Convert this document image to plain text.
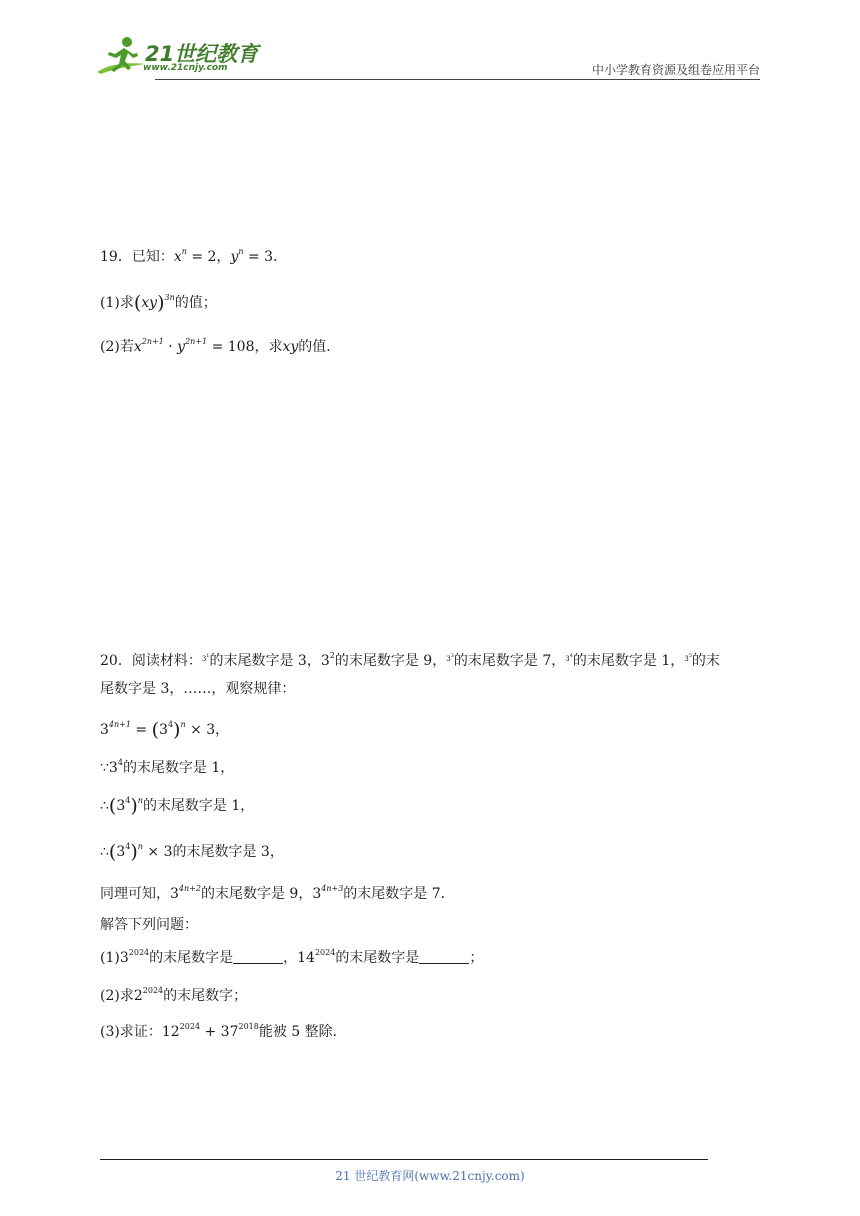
21世纪教育
www.21cnjy.com	中小学教育资源及组卷应用平台
19．已知：$x^n = 2$，$y^n = 3$．
(1)求(xy)$^{3n}$的值；
(2)若$x^{2n+1} \cdot y^{2n+1} = 108$，求xy的值．
20．阅读材料：$^{31}$的末尾数字是 3，$3^2$的末尾数字是 9，$^{33}$的末尾数字是 7，$^{34}$的末尾数字是 1，$^{35}$的末
尾数字是 3，……，观察规律：
$3^{4n+1} = (3^4)^n \times 3$，
$\because 3^4$的末尾数字是 1，
$\therefore(3^4)^n$的末尾数字是 1，
$\therefore(3^4)^n \times 3$的末尾数字是 3，
同理可知，$3^{4n+2}$的末尾数字是 9，$3^{4n+3}$的末尾数字是 7．
解答下列问题：
$(1)3^{2024}$的末尾数字是	，$14^{2024}$的末尾数字是	；
(2)求$2^{2024}$的末尾数字；
(3)求证：$12^{2024} + 37^{2018}$能被 5 整除．
21 世纪教育网(www.21cnjy.com)
